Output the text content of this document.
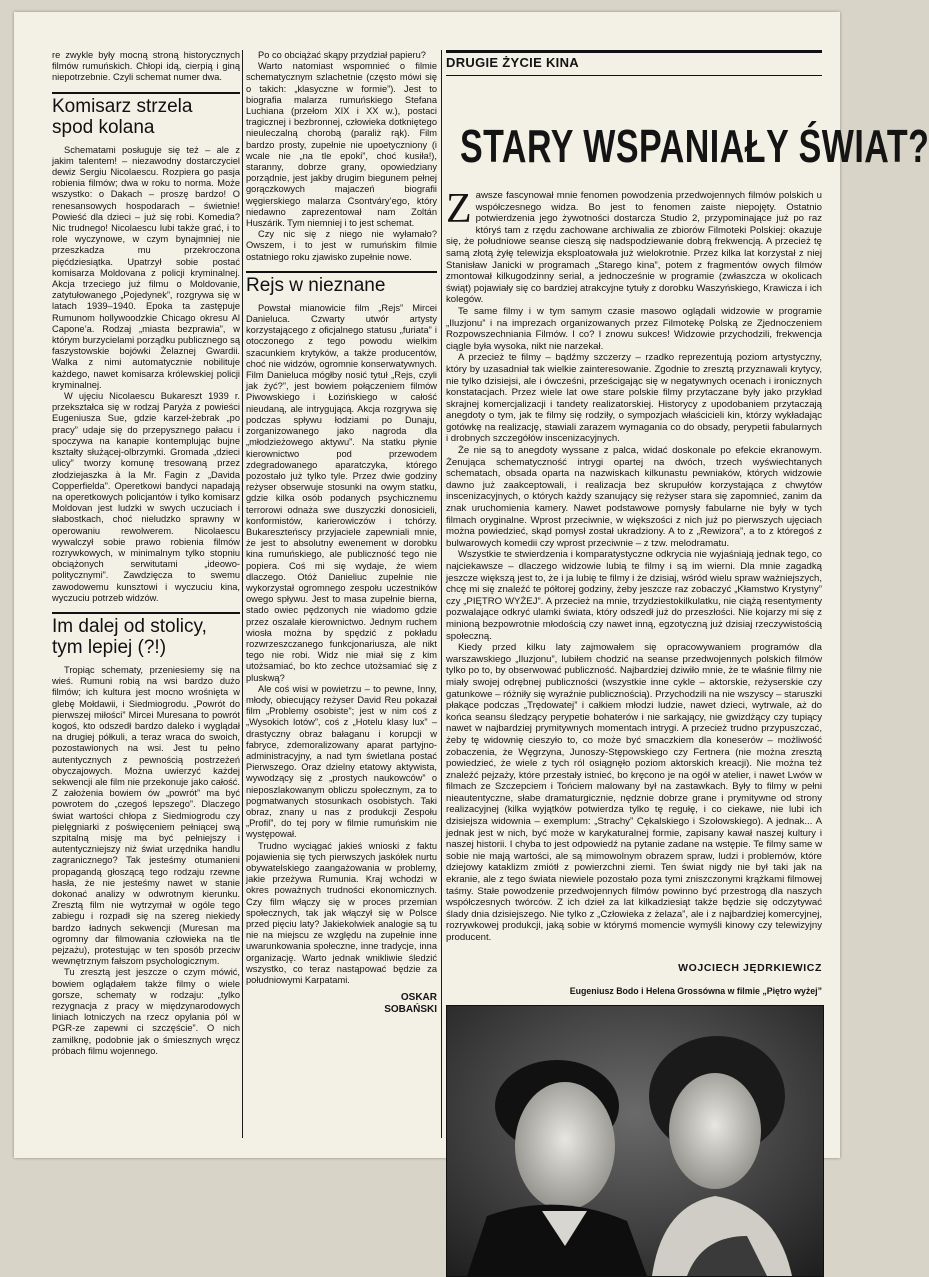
re zwykle były mocną stroną historycznych filmów rumuńskich. Chłopi idą, cierpią i giną niepotrzebnie. Czyli schemat numer dwa.

Komisarz strzela
spod kolana

Schematami posługuje się też – ale z jakim talentem! – niezawodny dostarczyciel dewiz Sergiu Nicolaescu. Rozpiera go pasja robienia filmów; dwa w roku to norma. Może wszystko: o Dakach – proszę bardzo! O renesansowych hospodarach – świetnie! Powieść dla dzieci – już się robi. Komedia? Nic trudnego! Nicolaescu lubi także grać, i to role wyczynowe, w czym bynajmniej nie przeszkadza mu przekroczona pięćdziesiątka. Upatrzył sobie postać komisarza Moldovana z policji kryminalnej. Akcja trzeciego już filmu o Moldovanie, zatytułowanego „Pojedynek”, rozgrywa się w latach 1939–1940. Epoka ta zastępuje Rumunom hollywoodzkie Chicago okresu Al Capone’a. Rodzaj „miasta bezprawia”, w którym burzycielami porządku publicznego są faszystowskie bojówki Żelaznej Gwardii. Walka z nimi automatycznie nobilituje każdego, nawet komisarza królewskiej policji kryminalnej.

W ujęciu Nicolaescu Bukareszt 1939 r. przekształca się w rodzaj Paryża z powieści Eugeniusza Sue, gdzie karzeł-żebrak „po pracy” udaje się do przepysznego pałacu i spoczywa na kanapie kontemplując bujne kształty służącej-olbrzymki. Gromada „dzieci ulicy” tworzy komunę tresowaną przez złodziejaszka à la Mr. Fagin z „Davida Copperfielda”. Operetkowi bandyci napadają na operetkowych policjantów i tylko komisarz Moldovan jest ludzki w swych uczuciach i słabostkach, choć nieludzko sprawny w operowaniu rewolwerem. Nicolaescu wywalczył sobie prawo robienia filmów rozrywkowych, w minimalnym tylko stopniu obciążonych serwitutami „ideowo-politycznymi”. Zawdzięcza to swemu zawodowemu kunsztowi i wyczuciu kina, wyczuciu potrzeb widzów.

Im dalej od stolicy,
tym lepiej (?!)

Tropiąc schematy, przeniesiemy się na wieś. Rumuni robią na wsi bardzo dużo filmów; ich kultura jest mocno wrośnięta w glebę Mołdawii, i Siedmiogrodu. „Powrót do pierwszej miłości” Mircei Muresana to powrót kogoś, kto odszedł bardzo daleko i wyglądał na drugiej półkuli, a teraz wraca do swoich, pozostawionych na wsi. Jest tu pełno autentycznych z pewnością postrzeżeń obyczajowych. Można uwierzyć każdej sekwencji ale film nie przekonuje jako całość. Z założenia bowiem ów „powrót” ma być powrotem do „czegoś lepszego”. Dlaczego świat wartości chłopa z Siedmiogrodu czy pielęgniarki z poświęceniem pełniącej swą szpitalną misję ma być pełniejszy i autentyczniejszy niż świat urzędnika handlu zagranicznego? Tak jesteśmy otumanieni propagandą głoszącą tego rodzaju rzewne hasła, że nie jesteśmy nawet w stanie dokonać analizy w odwrotnym kierunku. Zresztą film nie wytrzymał w ogóle tego zabiegu i rozpadł się na szereg niekiedy bardzo ładnych sekwencji (Muresan ma ogromny dar filmowania człowieka na tle pejzażu), protestując w ten sposób przeciw wewnętrznym fałszom psychologicznym.

Tu zresztą jest jeszcze o czym mówić, bowiem oglądałem także filmy o wiele gorsze, schematy w rodzaju: „tylko rezygnacja z pracy w międzynarodowych liniach lotniczych na rzecz opylania pól w PGR-ze zapewni ci szczęście”. O nich zamilknę, podobnie jak o śmiesznych wręcz próbach filmu wojennego.

Po co obciążać skąpy przydział papieru?

Warto natomiast wspomnieć o filmie schematycznym szlachetnie (często mówi się o takich: „klasyczne w formie”). Jest to biografia malarza rumuńskiego Stefana Luchiana (przełom XIX i XX w.), postaci tragicznej i bezbronnej, człowieka dotkniętego nieuleczalną chorobą (paraliż rąk). Film bardzo prosty, zupełnie nie upoetyczniony (i wcale nie „na tle epoki”, choć kusiła!), staranny, dobrze grany, opowiedziany porządnie, jest jakby drugim biegunem pełnej gorączkowych majaczeń biografii węgierskiego malarza Csontváry’ego, który niedawno zaprezentował nam Zoltán Huszárik. Tym niemniej i to jest schemat.

Czy nic się z niego nie wyłamało? Owszem, i to jest w rumuńskim filmie ostatniego roku zjawisko zupełnie nowe.

Rejs w nieznane

Powstał mianowicie film „Rejs” Mircei Danieluca. Czwarty utwór artysty korzystającego z oficjalnego statusu „furiata” i otoczonego z tego powodu wielkim szacunkiem krytyków, a także producentów, choć nie widzów, ogromnie konserwatywnych. Film Danieluca mógłby nosić tytuł „Rejs, czyli jak żyć?”, jest bowiem połączeniem filmów Piwowskiego i Łozińskiego w całość nieudaną, ale intrygującą. Akcja rozgrywa się podczas spływu łodziami po Dunaju, zorganizowanego jako nagroda dla „młodzieżowego aktywu”. Na statku płynie kierownictwo pod przewodem zdegradowanego aparatczyka, którego pozostało już tylko tyle. Przez dwie godziny reżyser obserwuje stosunki na owym statku, gdzie kilka osób podanych psychicznemu terrorowi odnaża swe duszyczki donosicieli, konformistów, karierowiczów i tchórzy. Bukareszteńscy przyjaciele zapewniali mnie, że jest to absolutny ewenement w dorobku kina rumuńskiego, ale publiczność tego nie popiera. Coś mi się wydaje, że wiem dlaczego. Otóż Danieliuc zupełnie nie wykorzystał ogromnego zespołu uczestników owego spływu. Jest to masa zupełnie bierna, stado owiec pędzonych nie wiadomo gdzie przez oszalałe kierownictwo. Jednym ruchem wiosła można by spędzić z pokładu rozwrzeszczanego funkcjonariusza, ale nikt tego nie robi. Widz nie miał się z kim utożsamiać, bo kto zechce utożsamiać się z pluskwą?

Ale coś wisi w powietrzu – to pewne, Inny, młody, obiecujący reżyser David Reu pokazał film „Problemy osobiste”; jest w nim coś z „Wysokich lotów”, coś z „Hotelu klasy lux” – drastyczny obraz bałaganu i korupcji w fabryce, zdemoralizowany aparat partyjno-administracyjny, a nad tym świetlana postać Pierwszego. Oraz dzielny etatowy aktywista, wywodzący się z „prostych naukowców” o nieposzlakowanym obliczu społecznym, za to pogmatwanych stosunkach osobistych. Taki obraz, znany u nas z produkcji Zespołu „Profil”, do tej pory w filmie rumuńskim nie występował.

Trudno wyciągać jakieś wnioski z faktu pojawienia się tych pierwszych jaskółek nurtu obywatelskiego zaangażowania w problemy, jakie przeżywa Rumunia. Kraj wchodzi w okres poważnych trudności ekonomicznych. Czy film włączy się w proces przemian społecznych, tak jak włączył się w Polsce przed pięciu laty? Jakiekolwiek analogie są tu nie na miejscu ze względu na zupełnie inne uwarunkowania społeczne, inne tradycje, inna organizację. Warto jednak wnikliwie śledzić wszystko, co teraz nastąpować będzie za południowymi Karpatami.

OSKAR
SOBAŃSKI
DRUGIE ŻYCIE KINA
STARY WSPANIAŁY ŚWIAT?

Zawsze fascynował mnie fenomen powodzenia przedwojennych filmów polskich u współczesnego widza. Bo jest to fenomen zaiste niepojęty. Ostatnio potwierdzenia jego żywotności dostarcza Studio 2, przypominające już po raz któryś tam z rzędu zachowane archiwalia ze zbiorów Filmoteki Polskiej: okazuje się, że południowe seanse cieszą się nadspodziewanie dobrą frekwencją. A przecież tę samą złotą żyłę telewizja eksploatowała już wielokrotnie. Przez kilka lat korzystał z niej Stanisław Janicki w programach „Starego kina”, potem z fragmentów owych filmów zmontował kilkugodzinny serial, a jednocześnie w programie (zwłaszcza w okolicach świąt) pojawiały się co bardziej atrakcyjne tytuły z dorobku Waszyńskiego, Krawicza i ich kolegów.

Te same filmy i w tym samym czasie masowo oglądali widzowie w programie „Iluzjonu” i na imprezach organizowanych przez Filmotekę Polską ze Zjednoczeniem Rozpowszechniania Filmów. I co? I znowu sukces! Widzowie przychodzili, frekwencja ciągle była wysoka, nikt nie narzekał.

A przecież te filmy – bądźmy szczerzy – rzadko reprezentują poziom artystyczny, który by uzasadniał tak wielkie zainteresowanie. Zgodnie to zresztą przyznawali krytycy, nie tylko dzisiejsi, ale i ówcześni, prześcigając się w negatywnych ocenach i ironicznych konstatacjach. Przez wiele lat owe stare polskie filmy przytaczane były jako przykład skrajnej komercjalizacji i tandety realizatorskiej. Historycy z upodobaniem przytaczają anegdoty o tym, jak te filmy się rodziły, o sympozjach właścicieli kin, którzy wykładając gotówkę na realizację, stawiali zarazem wymagania co do obsady, perypetii fabularnych i drobnych szczegółów inscenizacyjnych.

Że nie są to anegdoty wyssane z palca, widać doskonale po efekcie ekranowym. Żenująca schematyczność intrygi opartej na dwóch, trzech wyświechtanych schematach, obsada oparta na nazwiskach kilkunastu pewniaków, których widzowie dawno już zaakceptowali, i realizacja bez skrupułów korzystająca z chwytów inscenizacyjnych, o których każdy szanujący się reżyser stara się zapomnieć, zanim da znak uruchomienia kamery. Nawet podstawowe pomysły fabularne nie były w tych filmach oryginalne. Wprost przeciwnie, w większości z nich już po pierwszych ujęciach można powiedzieć, skąd pomysł został ukradziony. A to z „Rewizora”, a to z któregoś z bulwarowych komedii czy wprost przeciwnie – z tzw. melodramatu.

Wszystkie te stwierdzenia i komparatystyczne odkrycia nie wyjaśniają jednak tego, co najciekawsze – dlaczego widzowie lubią te filmy i są im wierni. Dla mnie zagadką jeszcze większą jest to, że i ja lubię te filmy i że dzisiaj, wśród wielu spraw ważniejszych, chcę mi się znaleźć te półtorej godziny, żeby jeszcze raz zobaczyć „Kłamstwo Krystyny” czy „PIĘTRO WYŻEJ”. A przecież na mnie, trzydziestokilkulatku, nie ciążą resentymenty pozwalające odkryć ulamki świata, który odszedł już do przeszłości. Nie kojarzy mi się z minioną bezpowrotnie młodością czy nawet inną, egzotyczną już dzisiaj rzeczywistością społeczną.

Kiedy przed kilku laty zajmowałem się opracowywaniem programów dla warszawskiego „Iluzjonu”, lubiłem chodzić na seanse przedwojennych polskich filmów tylko po to, by obserwować publiczność. Najbardziej dziwiło mnie, że te właśnie filmy nie miały swojej odrębnej publiczności (wszystkie inne cykle – aktorskie, reżyserskie czy gatunkowe – różniły się wyraźnie publicznością). Przychodzili na nie wszyscy – staruszki płakące podczas „Trędowatej” i całkiem młodzi ludzie, nawet dzieci, wytrwale, aż do końca seansu śledzący perypetie bohaterów i nie sarkający, nie gwizdżący czy tupiący nawet w najbardziej prymitywnych momentach intrygi. A przecież trudno przypuszczać, żeby tę widownię cieszyło to, co może być smaczkiem dla koneserów – możliwość zobaczenia, że Węgrzyna, Junoszy-Stępowskiego czy Fertnera (nie można zresztą powiedzieć, że wiele z tych ról osiągnęło poziom aktorskich kreacji). Nie można też znaleźć pejzaży, które przestały istnieć, bo kręcono je na ogół w atelier, i nawet Lwów w filmach ze Szczepciem i Tońciem malowany był na zastawkach. Były to filmy w pełni nieautentyczne, słabe dramaturgicznie, nędznie dobrze grane i prymitywne od strony realizacyjnej (kilka wyjątków potwierdza tylko tę regułę, i co ciekawe, nie lubi ich dzisiejsza widownia – exemplum: „Strachy” Cękalskiego i Szołowskiego). A jednak... A jednak jest w nich, być może w karykaturalnej formie, zapisany kawał naszej kultury i naszej historii. I chyba to jest odpowiedź na pytanie zadane na wstępie. Te filmy same w sobie nie mają wartości, ale są mimowolnym obrazem spraw, ludzi i problemów, które dziejowy kataklizm zmiótł z powierzchni ziemi. Ten świat nigdy nie był taki jak na ekranie, ale z tego świata niewiele pozostało poza tymi zniszczonymi krążkami filmowej taśmy. Stałe powodzenie przedwojennych filmów powinno być przestrogą dla naszych współczesnych twórców. Z ich dzieł za lat kilkadziesiąt także będzie się odczytywać ślady dnia dzisiejszego. Nie tylko z „Człowieka z żelaza”, ale i z najbardziej komercyjnej, rozrywkowej produkcji, jaką sobie w którymś momencie wymyśli kinowy czy telewizyjny producent.

WOJCIECH JĘDRKIEWICZ
Eugeniusz Bodo i Helena Grossówna w filmie „Piętro wyżej”
